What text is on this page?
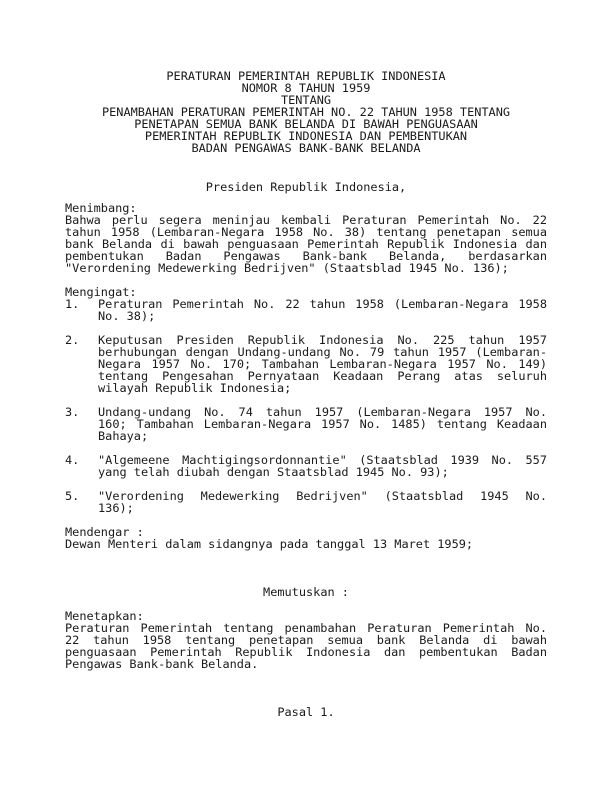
PERATURAN PEMERINTAH REPUBLIK INDONESIA
NOMOR 8 TAHUN 1959
TENTANG
PENAMBAHAN PERATURAN PEMERINTAH NO. 22 TAHUN 1958 TENTANG
PENETAPAN SEMUA BANK BELANDA DI BAWAH PENGUASAAN
PEMERINTAH REPUBLIK INDONESIA DAN PEMBENTUKAN
BADAN PENGAWAS BANK-BANK BELANDA
Presiden Republik Indonesia,
Menimbang:
Bahwa perlu segera meninjau kembali Peraturan Pemerintah No. 22
tahun 1958 (Lembaran-Negara 1958 No. 38) tentang penetapan semua
bank Belanda di bawah penguasaan Pemerintah Republik Indonesia dan
pembentukan Badan Pengawas Bank-bank Belanda, berdasarkan
"Verordening Medewerking Bedrijven" (Staatsblad 1945 No. 136);
Mengingat:
1. Peraturan Pemerintah No. 22 tahun 1958 (Lembaran-Negara 1958
No. 38);
2. Keputusan Presiden Republik Indonesia No. 225 tahun 1957
berhubungan dengan Undang-undang No. 79 tahun 1957 (Lembaran-
Negara 1957 No. 170; Tambahan Lembaran-Negara 1957 No. 149)
tentang Pengesahan Pernyataan Keadaan Perang atas seluruh
wilayah Republik Indonesia;
3. Undang-undang No. 74 tahun 1957 (Lembaran-Negara 1957 No.
160; Tambahan Lembaran-Negara 1957 No. 1485) tentang Keadaan
Bahaya;
4. "Algemeene Machtigingsordonnantie" (Staatsblad 1939 No. 557
yang telah diubah dengan Staatsblad 1945 No. 93);
5. "Verordening Medewerking Bedrijven" (Staatsblad 1945 No.
136);
Mendengar :
Dewan Menteri dalam sidangnya pada tanggal 13 Maret 1959;
Memutuskan :
Menetapkan:
Peraturan Pemerintah tentang penambahan Peraturan Pemerintah No.
22 tahun 1958 tentang penetapan semua bank Belanda di bawah
penguasaan Pemerintah Republik Indonesia dan pembentukan Badan
Pengawas Bank-bank Belanda.
Pasal 1.
